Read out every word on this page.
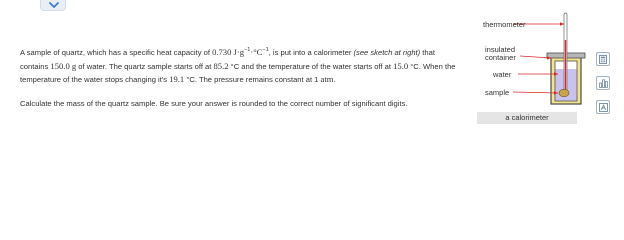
A sample of quartz, which has a specific heat capacity of 0.730 $J\cdot g^{-1}\cdot^\circ C^{-1}$, is put into a calorimeter (see sketch at right) that
contains 150.0 g of water. The quartz sample starts off at 85.2 °C and the temperature of the water starts off at 15.0 °C. When the
temperature of the water stops changing it's 19.1 °C. The pressure remains constant at 1 atm.

Calculate the mass of the quartz sample. Be sure your answer is rounded to the correct number of significant digits.

thermometer
insulated
container
water
sample
a calorimeter
